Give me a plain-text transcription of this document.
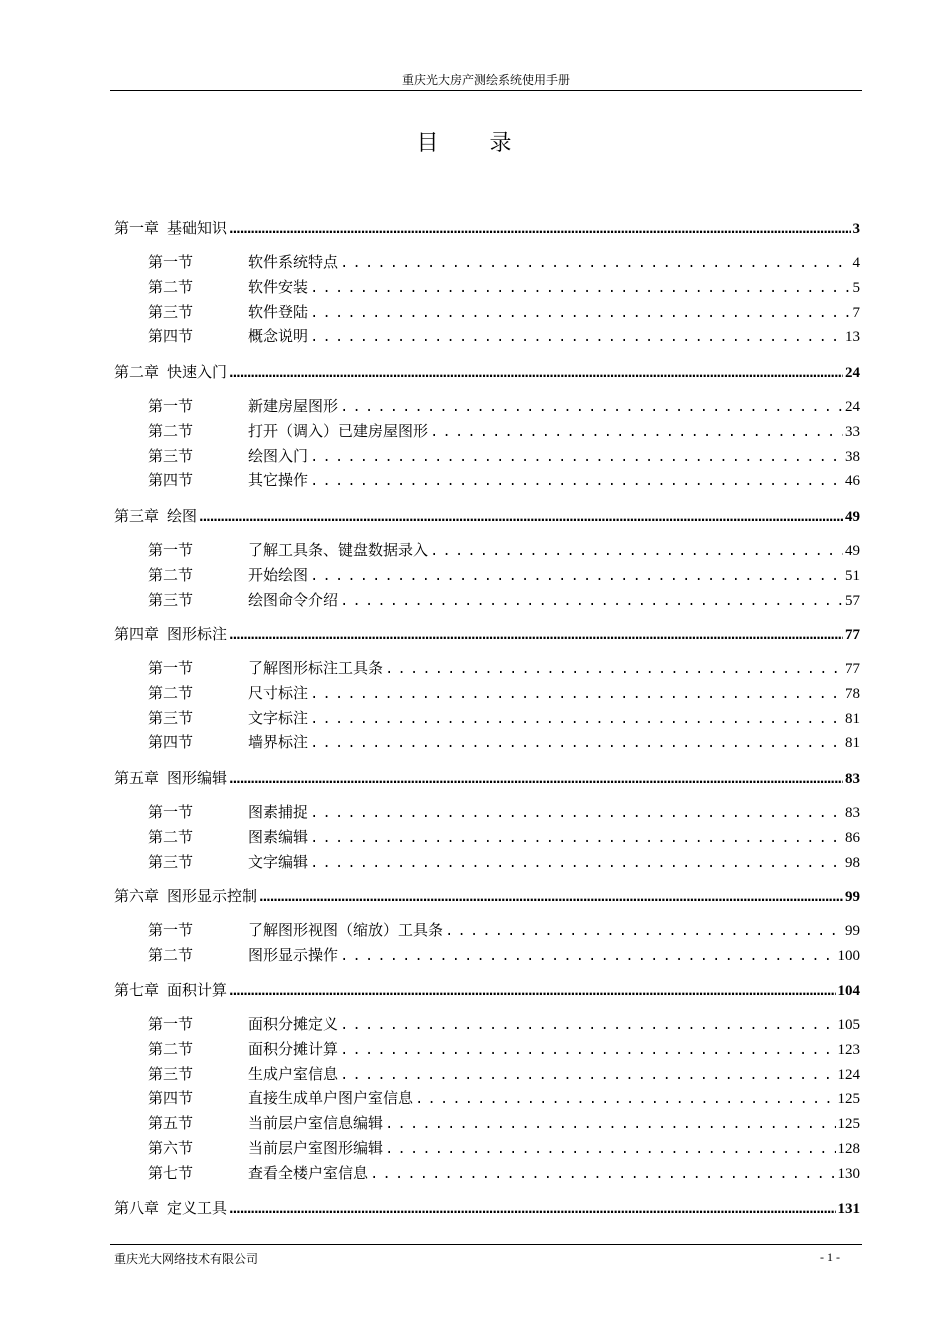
重庆光大房产测绘系统使用手册
目 录
第一章 基础知识 .....	3
第一节	软件系统特点 .....	4
第二节	软件安装 .....	5
第三节	软件登陆 .....	7
第四节	概念说明 .....	13
第二章 快速入门 .....	24
第一节	新建房屋图形 .....	24
第二节	打开（调入）已建房屋图形 .....	33
第三节	绘图入门 .....	38
第四节	其它操作 .....	46
第三章 绘图 .....	49
第一节	了解工具条、键盘数据录入 .....	49
第二节	开始绘图 .....	51
第三节	绘图命令介绍 .....	57
第四章 图形标注 .....	77
第一节	了解图形标注工具条 .....	77
第二节	尺寸标注 .....	78
第三节	文字标注 .....	81
第四节	墙界标注 .....	81
第五章 图形编辑 .....	83
第一节	图素捕捉 .....	83
第二节	图素编辑 .....	86
第三节	文字编辑 .....	98
第六章 图形显示控制 .....	99
第一节	了解图形视图（缩放）工具条 .....	99
第二节	图形显示操作 .....	100
第七章 面积计算 .....	104
第一节	面积分摊定义 .....	105
第二节	面积分摊计算 .....	123
第三节	生成户室信息 .....	124
第四节	直接生成单户图户室信息 .....	125
第五节	当前层户室信息编辑 .....	125
第六节	当前层户室图形编辑 .....	128
第七节	查看全楼户室信息 .....	130
第八章 定义工具 .....	131
重庆光大网络技术有限公司	- 1 -
